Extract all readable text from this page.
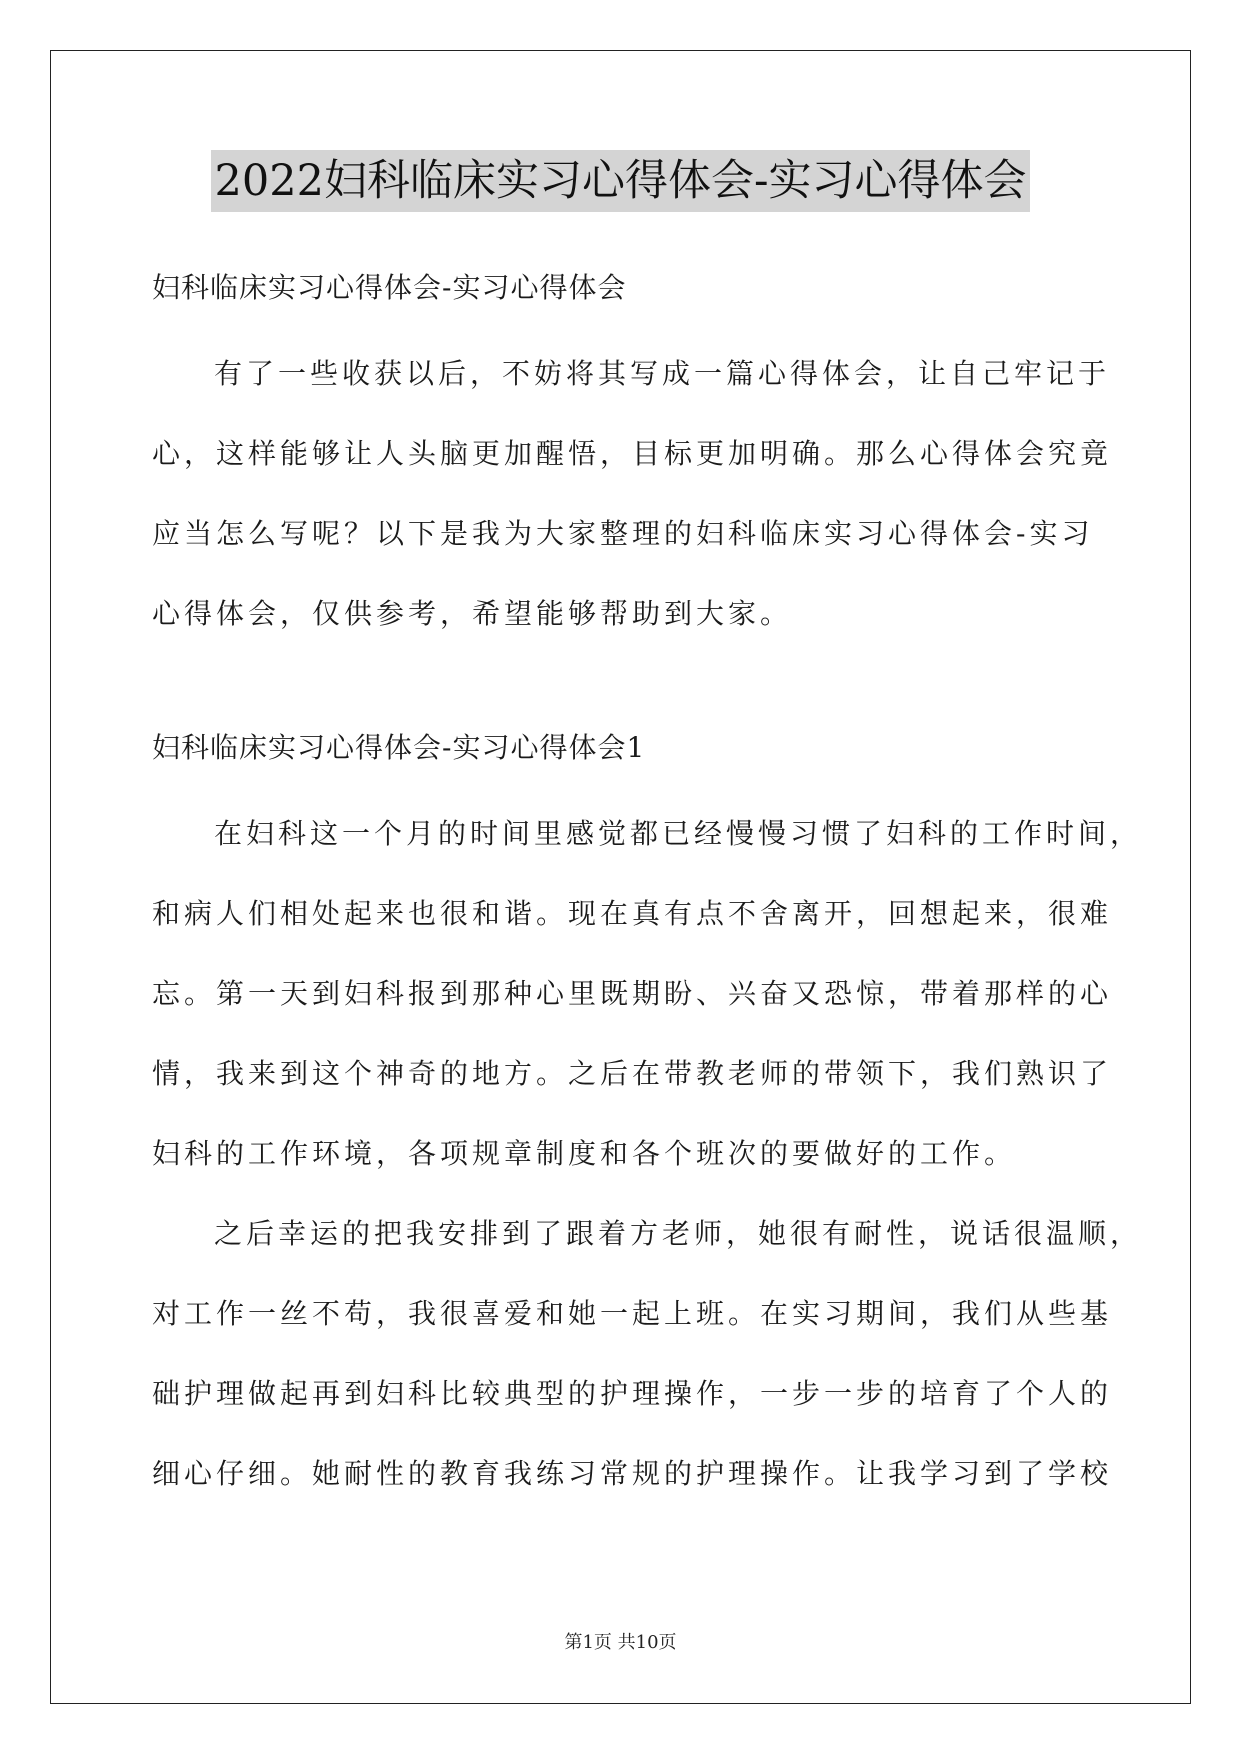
2022妇科临床实习心得体会-实习心得体会
妇科临床实习心得体会-实习心得体会
有了一些收获以后，不妨将其写成一篇心得体会，让自己牢记于
心，这样能够让人头脑更加醒悟，目标更加明确。那么心得体会究竟
应当怎么写呢？以下是我为大家整理的妇科临床实习心得体会-实习
心得体会，仅供参考，希望能够帮助到大家。
妇科临床实习心得体会-实习心得体会1
在妇科这一个月的时间里感觉都已经慢慢习惯了妇科的工作时间，
和病人们相处起来也很和谐。现在真有点不舍离开，回想起来，很难
忘。第一天到妇科报到那种心里既期盼、兴奋又恐惊，带着那样的心
情，我来到这个神奇的地方。之后在带教老师的带领下，我们熟识了
妇科的工作环境，各项规章制度和各个班次的要做好的工作。
之后幸运的把我安排到了跟着方老师，她很有耐性，说话很温顺，
对工作一丝不苟，我很喜爱和她一起上班。在实习期间，我们从些基
础护理做起再到妇科比较典型的护理操作，一步一步的培育了个人的
细心仔细。她耐性的教育我练习常规的护理操作。让我学习到了学校
第1页 共10页
